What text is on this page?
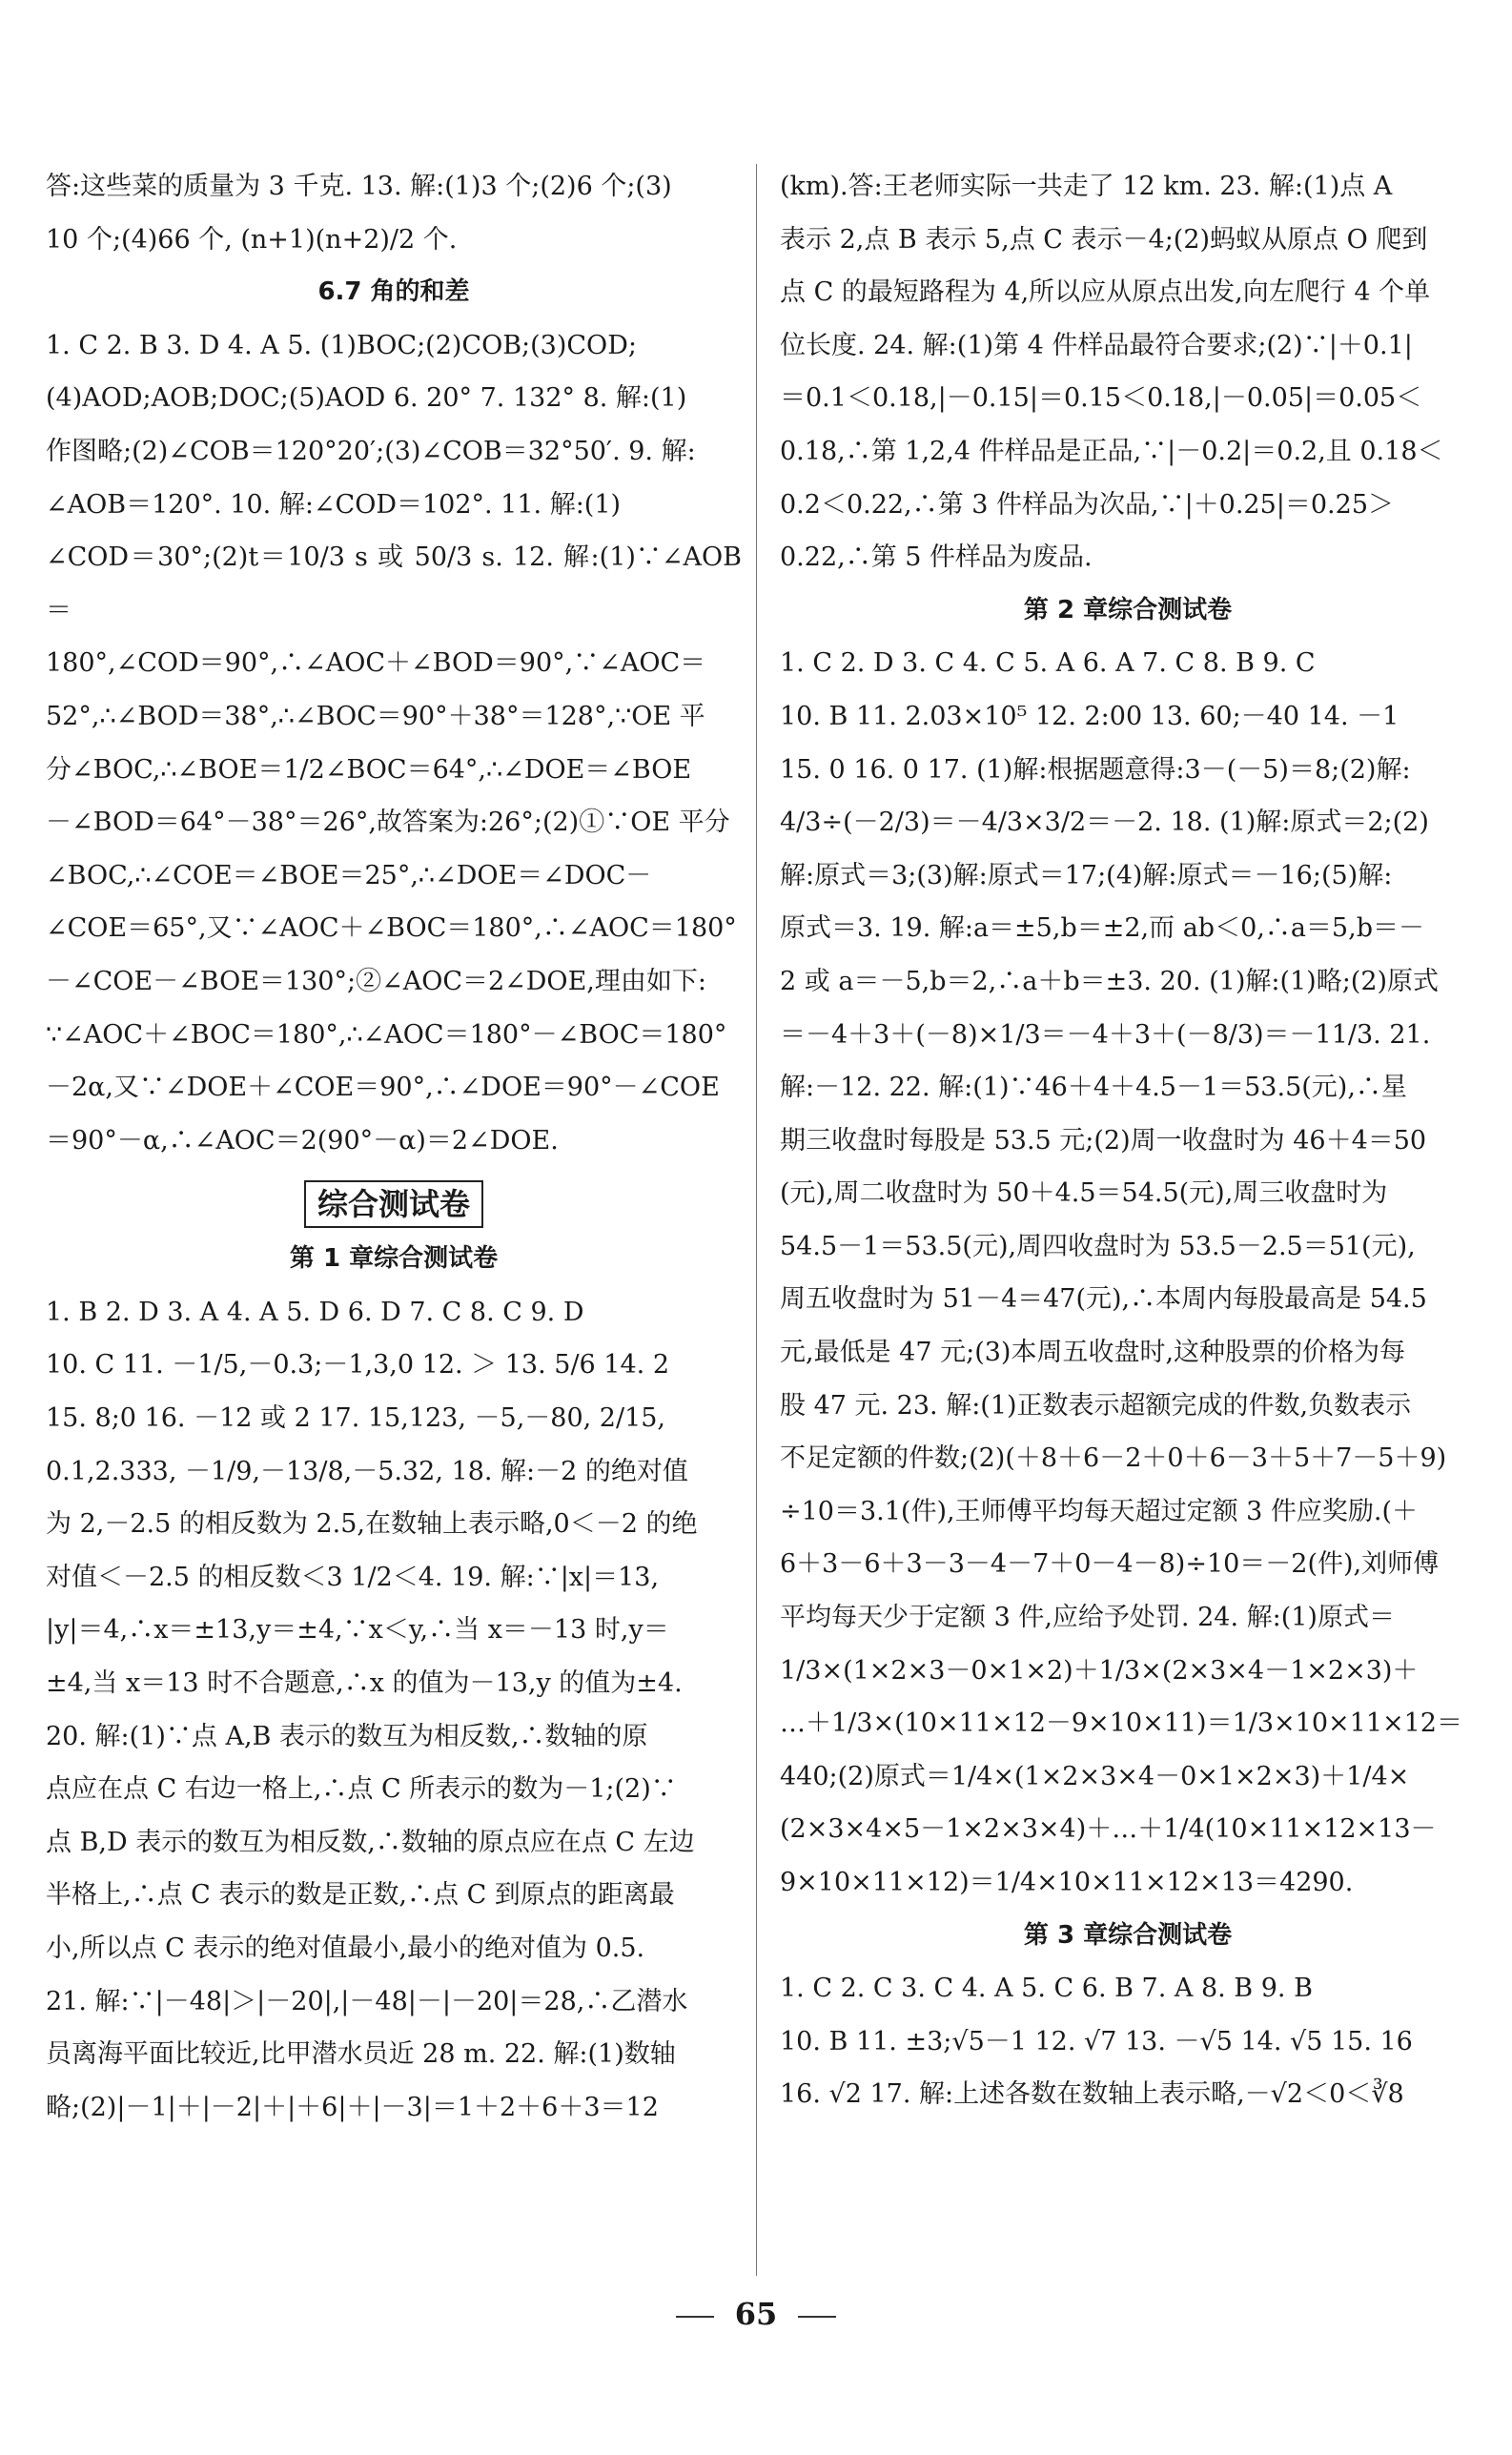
答:这些菜的质量为 3 千克. 13. 解:(1)3 个;(2)6 个;(3)

10 个;(4)66 个, (n+1)(n+2)/2 个.

6.7 角的和差

1. C 2. B 3. D 4. A 5. (1)BOC;(2)COB;(3)COD;

(4)AOD;AOB;DOC;(5)AOD 6. 20° 7. 132° 8. 解:(1)

作图略;(2)∠COB＝120°20′;(3)∠COB＝32°50′. 9. 解:

∠AOB＝120°. 10. 解:∠COD＝102°. 11. 解:(1)

∠COD＝30°;(2)t＝10/3 s 或 50/3 s. 12. 解:(1)∵∠AOB＝

180°,∠COD＝90°,∴∠AOC＋∠BOD＝90°,∵∠AOC＝

52°,∴∠BOD＝38°,∴∠BOC＝90°＋38°＝128°,∵OE 平

分∠BOC,∴∠BOE＝1/2∠BOC＝64°,∴∠DOE＝∠BOE

－∠BOD＝64°－38°＝26°,故答案为:26°;(2)①∵OE 平分

∠BOC,∴∠COE＝∠BOE＝25°,∴∠DOE＝∠DOC－

∠COE＝65°,又∵∠AOC＋∠BOC＝180°,∴∠AOC＝180°

－∠COE－∠BOE＝130°;②∠AOC＝2∠DOE,理由如下:

∵∠AOC＋∠BOC＝180°,∴∠AOC＝180°－∠BOC＝180°

－2α,又∵∠DOE＋∠COE＝90°,∴∠DOE＝90°－∠COE

＝90°－α,∴∠AOC＝2(90°－α)＝2∠DOE.

综合测试卷

第 1 章综合测试卷

1. B 2. D 3. A 4. A 5. D 6. D 7. C 8. C 9. D

10. C 11. －1/5,－0.3;－1,3,0 12. ＞ 13. 5/6 14. 2

15. 8;0 16. －12 或 2 17. 15,123, －5,－80, 2/15,

0.1,2.333, －1/9,－13/8,－5.32, 18. 解:－2 的绝对值

为 2,－2.5 的相反数为 2.5,在数轴上表示略,0＜－2 的绝

对值＜－2.5 的相反数＜3 1/2＜4. 19. 解:∵|x|＝13,

|y|＝4,∴x＝±13,y＝±4,∵x＜y,∴当 x＝－13 时,y＝

±4,当 x＝13 时不合题意,∴x 的值为－13,y 的值为±4.

20. 解:(1)∵点 A,B 表示的数互为相反数,∴数轴的原

点应在点 C 右边一格上,∴点 C 所表示的数为－1;(2)∵

点 B,D 表示的数互为相反数,∴数轴的原点应在点 C 左边

半格上,∴点 C 表示的数是正数,∴点 C 到原点的距离最

小,所以点 C 表示的绝对值最小,最小的绝对值为 0.5.

21. 解:∵|－48|＞|－20|,|－48|－|－20|＝28,∴乙潜水

员离海平面比较近,比甲潜水员近 28 m. 22. 解:(1)数轴

略;(2)|－1|＋|－2|＋|＋6|＋|－3|＝1＋2＋6＋3＝12

(km).答:王老师实际一共走了 12 km. 23. 解:(1)点 A

表示 2,点 B 表示 5,点 C 表示－4;(2)蚂蚁从原点 O 爬到

点 C 的最短路程为 4,所以应从原点出发,向左爬行 4 个单

位长度. 24. 解:(1)第 4 件样品最符合要求;(2)∵|＋0.1|

＝0.1＜0.18,|－0.15|＝0.15＜0.18,|－0.05|＝0.05＜

0.18,∴第 1,2,4 件样品是正品,∵|－0.2|＝0.2,且 0.18＜

0.2＜0.22,∴第 3 件样品为次品,∵|＋0.25|＝0.25＞

0.22,∴第 5 件样品为废品.

第 2 章综合测试卷

1. C 2. D 3. C 4. C 5. A 6. A 7. C 8. B 9. C

10. B 11. 2.03×10⁵ 12. 2:00 13. 60;－40 14. －1

15. 0 16. 0 17. (1)解:根据题意得:3－(－5)＝8;(2)解:

4/3÷(－2/3)＝－4/3×3/2＝－2. 18. (1)解:原式＝2;(2)

解:原式＝3;(3)解:原式＝17;(4)解:原式＝－16;(5)解:

原式＝3. 19. 解:a＝±5,b＝±2,而 ab＜0,∴a＝5,b＝－

2 或 a＝－5,b＝2,∴a＋b＝±3. 20. (1)解:(1)略;(2)原式

＝－4＋3＋(－8)×1/3＝－4＋3＋(－8/3)＝－11/3. 21.

解:－12. 22. 解:(1)∵46＋4＋4.5－1＝53.5(元),∴星

期三收盘时每股是 53.5 元;(2)周一收盘时为 46＋4＝50

(元),周二收盘时为 50＋4.5＝54.5(元),周三收盘时为

54.5－1＝53.5(元),周四收盘时为 53.5－2.5＝51(元),

周五收盘时为 51－4＝47(元),∴本周内每股最高是 54.5

元,最低是 47 元;(3)本周五收盘时,这种股票的价格为每

股 47 元. 23. 解:(1)正数表示超额完成的件数,负数表示

不足定额的件数;(2)(＋8＋6－2＋0＋6－3＋5＋7－5＋9)

÷10＝3.1(件),王师傅平均每天超过定额 3 件应奖励.(＋

6＋3－6＋3－3－4－7＋0－4－8)÷10＝－2(件),刘师傅

平均每天少于定额 3 件,应给予处罚. 24. 解:(1)原式＝

1/3×(1×2×3－0×1×2)＋1/3×(2×3×4－1×2×3)＋

…＋1/3×(10×11×12－9×10×11)＝1/3×10×11×12＝

440;(2)原式＝1/4×(1×2×3×4－0×1×2×3)＋1/4×

(2×3×4×5－1×2×3×4)＋…＋1/4(10×11×12×13－

9×10×11×12)＝1/4×10×11×12×13＝4290.

第 3 章综合测试卷

1. C 2. C 3. C 4. A 5. C 6. B 7. A 8. B 9. B

10. B 11. ±3;√5－1 12. √7 13. －√5 14. √5 15. 16

16. √2 17. 解:上述各数在数轴上表示略,－√2＜0＜∛8

65
